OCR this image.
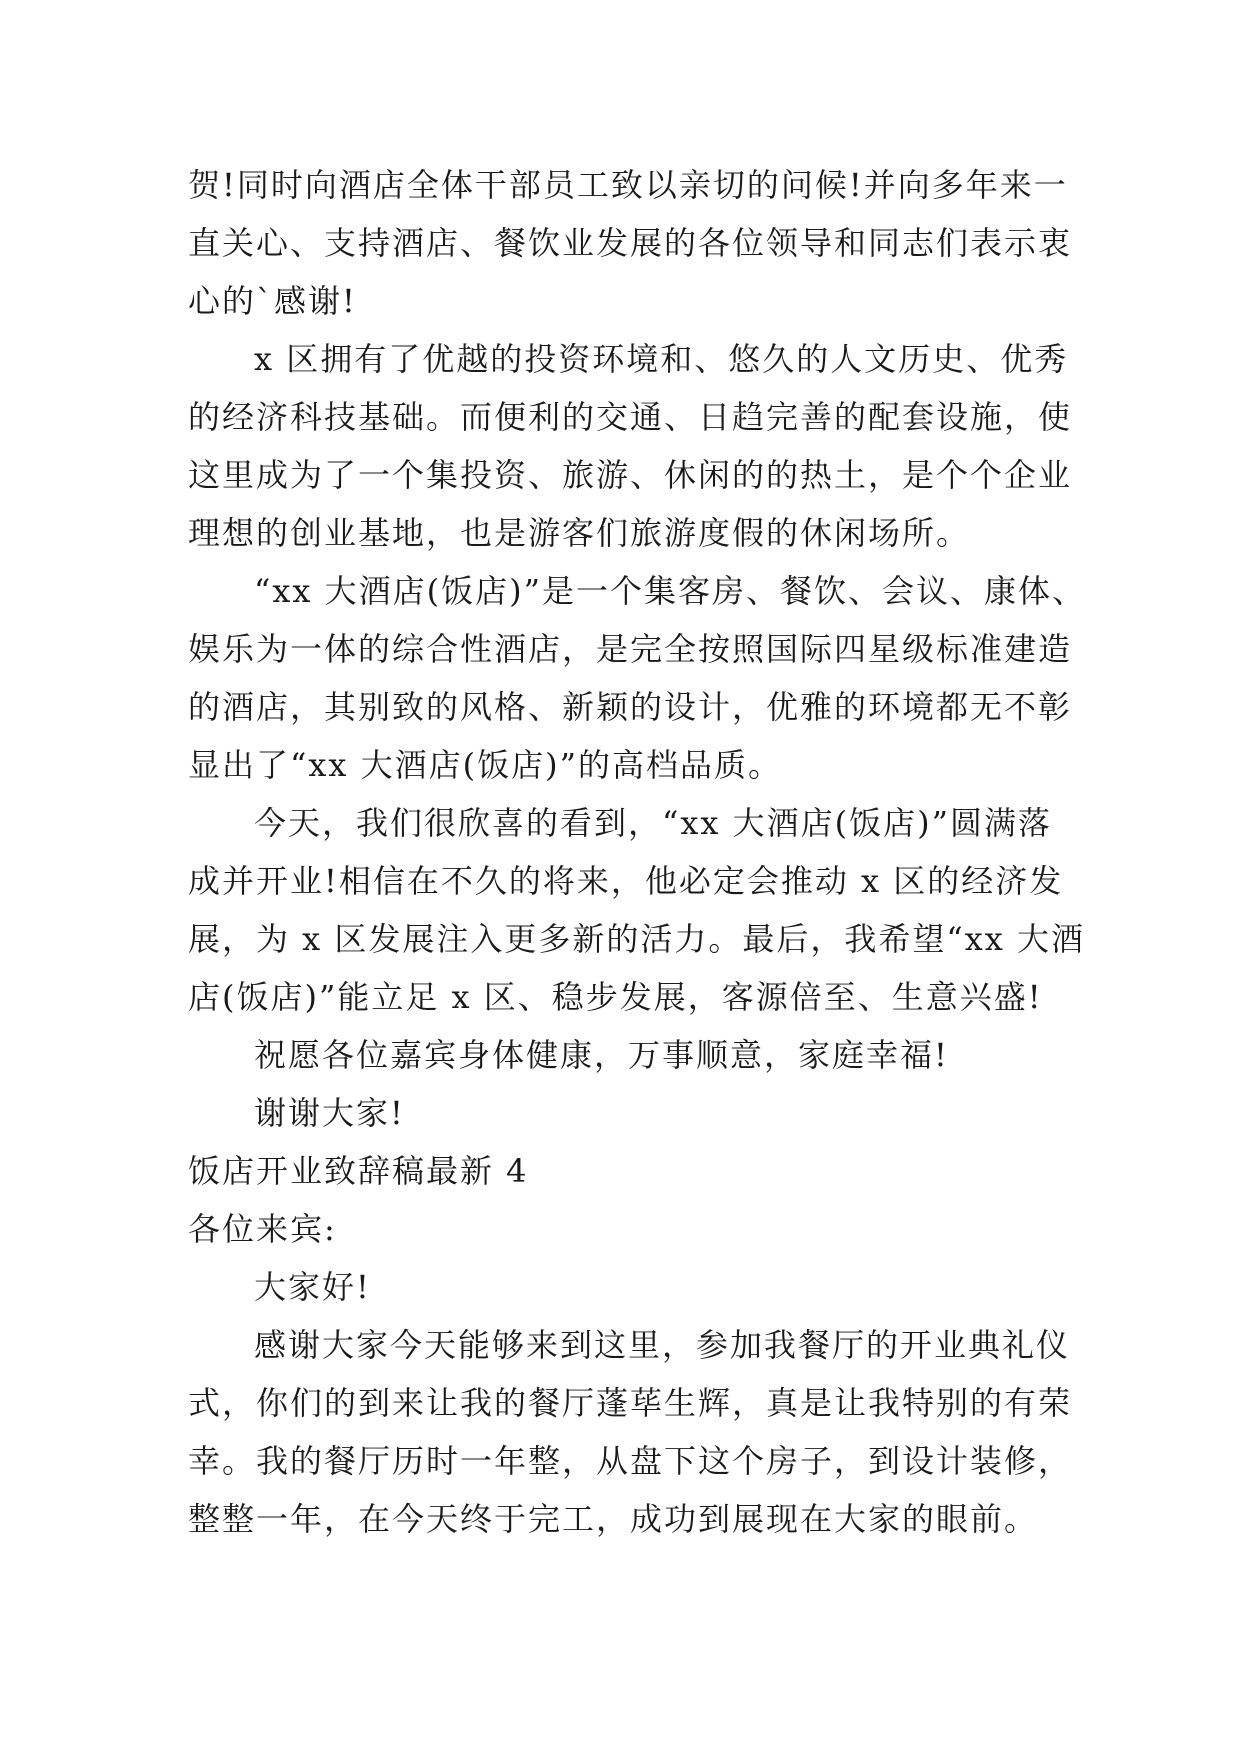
贺!同时向酒店全体干部员工致以亲切的问候!并向多年来一
直关心、支持酒店、餐饮业发展的各位领导和同志们表示衷
心的`感谢!
x 区拥有了优越的投资环境和、悠久的人文历史、优秀
的经济科技基础。而便利的交通、日趋完善的配套设施，使
这里成为了一个集投资、旅游、休闲的的热土，是个个企业
理想的创业基地，也是游客们旅游度假的休闲场所。
“xx 大酒店(饭店)”是一个集客房、餐饮、会议、康体、
娱乐为一体的综合性酒店，是完全按照国际四星级标准建造
的酒店，其别致的风格、新颖的设计，优雅的环境都无不彰
显出了“xx 大酒店(饭店)”的高档品质。
今天，我们很欣喜的看到，“xx 大酒店(饭店)”圆满落
成并开业!相信在不久的将来，他必定会推动 x 区的经济发
展，为 x 区发展注入更多新的活力。最后，我希望“xx 大酒
店(饭店)”能立足 x 区、稳步发展，客源倍至、生意兴盛!
祝愿各位嘉宾身体健康，万事顺意，家庭幸福!
谢谢大家!
饭店开业致辞稿最新 4
各位来宾:
大家好!
感谢大家今天能够来到这里，参加我餐厅的开业典礼仪
式，你们的到来让我的餐厅蓬荜生辉，真是让我特别的有荣
幸。我的餐厅历时一年整，从盘下这个房子，到设计装修，
整整一年，在今天终于完工，成功到展现在大家的眼前。
